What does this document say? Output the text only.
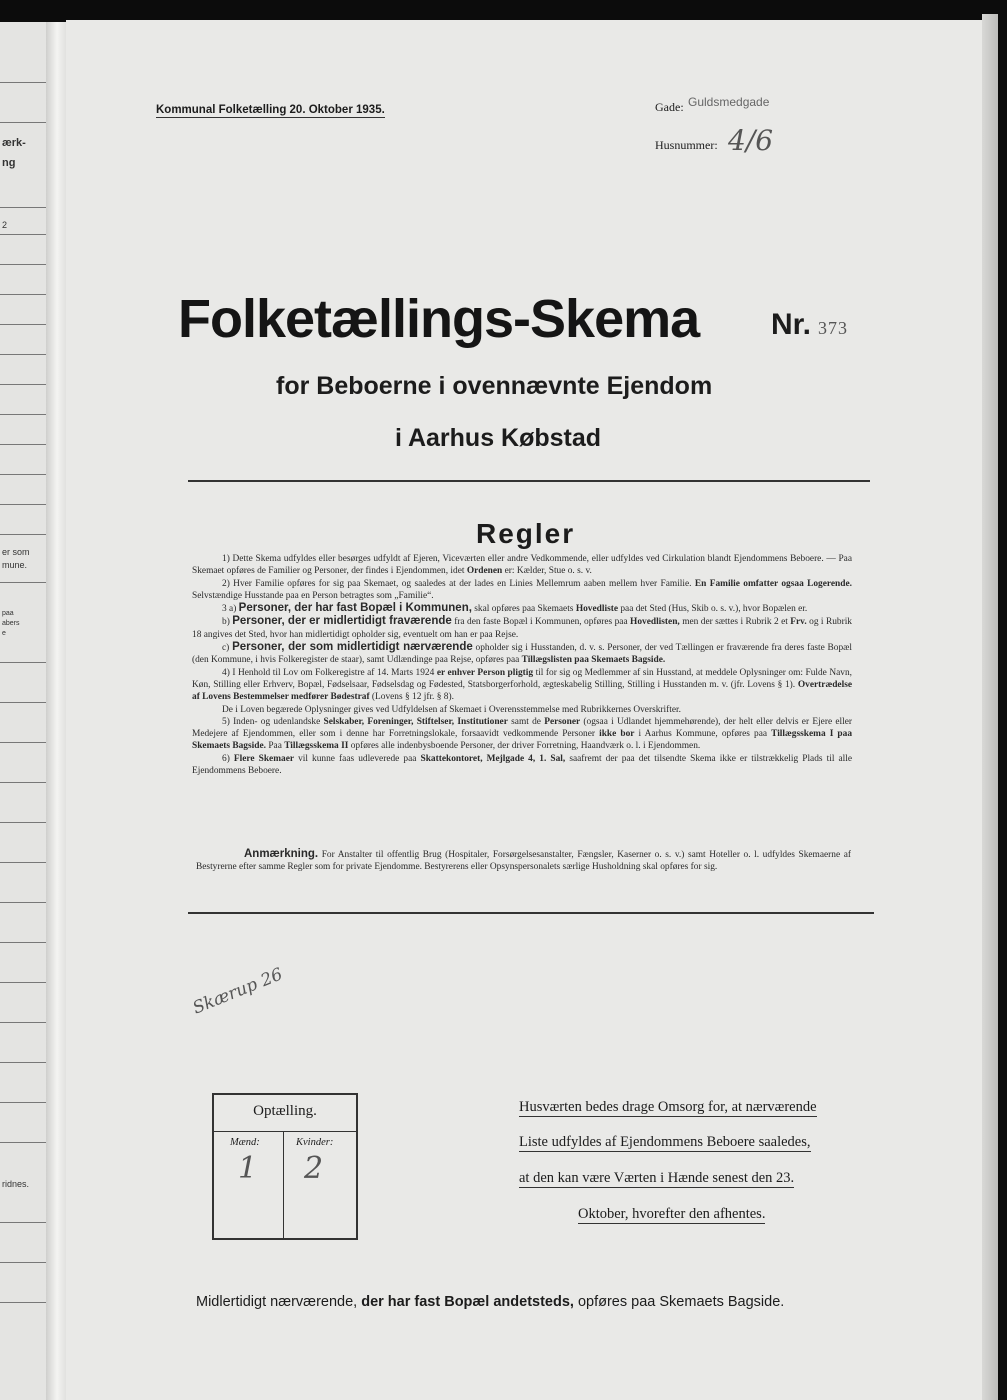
ærk-
ng
2
er som
mune.
paa
abers
e
ridnes.
Kommunal Folketælling 20. Oktober 1935.	Gade: Guldsmedgade
Husnummer: 4/6
Folketællings-Skema Nr. 373
for Beboerne i ovennævnte Ejendom
i Aarhus Købstad
Regler

1) Dette Skema udfyldes eller besørges udfyldt af Ejeren, Viceværten eller andre Vedkommende, eller udfyldes ved Cirkulation blandt Ejendommens Beboere. — Paa Skemaet opføres de Familier og Personer, der findes i Ejendommen, idet Ordenen er: Kælder, Stue o. s. v.

2) Hver Familie opføres for sig paa Skemaet, og saaledes at der lades en Linies Mellemrum aaben mellem hver Familie. En Familie omfatter ogsaa Logerende. Selvstændige Husstande paa en Person betragtes som „Familie“.

3 a) Personer, der har fast Bopæl i Kommunen, skal opføres paa Skemaets Hovedliste paa det Sted (Hus, Skib o. s. v.), hvor Bopælen er.

b) Personer, der er midlertidigt fraværende fra den faste Bopæl i Kommunen, opføres paa Hovedlisten, men der sættes i Rubrik 2 et Frv. og i Rubrik 18 angives det Sted, hvor han midlertidigt opholder sig, eventuelt om han er paa Rejse.

c) Personer, der som midlertidigt nærværende opholder sig i Husstanden, d. v. s. Personer, der ved Tællingen er fraværende fra deres faste Bopæl (den Kommune, i hvis Folkeregister de staar), samt Udlændinge paa Rejse, opføres paa Tillægslisten paa Skemaets Bagside.

4) I Henhold til Lov om Folkeregistre af 14. Marts 1924 er enhver Person pligtig til for sig og Medlemmer af sin Husstand, at meddele Oplysninger om: Fulde Navn, Køn, Stilling eller Erhverv, Bopæl, Fødselsaar, Fødselsdag og Fødested, Statsborgerforhold, ægteskabelig Stilling, Stilling i Husstanden m. v. (jfr. Lovens § 1). Overtrædelse af Lovens Bestemmelser medfører Bødestraf (Lovens § 12 jfr. § 8).

De i Loven begærede Oplysninger gives ved Udfyldelsen af Skemaet i Overensstemmelse med Rubrikkernes Overskrifter.

5) Inden- og udenlandske Selskaber, Foreninger, Stiftelser, Institutioner samt de Personer (ogsaa i Udlandet hjemmehørende), der helt eller delvis er Ejere eller Medejere af Ejendommen, eller som i denne har Forretningslokale, forsaavidt vedkommende Personer ikke bor i Aarhus Kommune, opføres paa Tillægsskema I paa Skemaets Bagside. Paa Tillægsskema II opføres alle indenbysboende Personer, der driver Forretning, Haandværk o. l. i Ejendommen.

6) Flere Skemaer vil kunne faas udleverede paa Skattekontoret, Mejlgade 4, 1. Sal, saafremt der paa det tilsendte Skema ikke er tilstrækkelig Plads til alle Ejendommens Beboere.

Anmærkning. For Anstalter til offentlig Brug (Hospitaler, Forsørgelsesanstalter, Fængsler, Kaserner o. s. v.) samt Hoteller o. l. udfyldes Skemaerne af Bestyrerne efter samme Regler som for private Ejendomme. Bestyrerens eller Opsynspersonalets særlige Husholdning skal opføres for sig.
Skærup 26
Optælling.
Mænd:	Kvinder:
1 2
Husværten bedes drage Omsorg for, at nærværende
Liste udfyldes af Ejendommens Beboere saaledes,
at den kan være Værten i Hænde senest den 23.
Oktober, hvorefter den afhentes.
Midlertidigt nærværende, der har fast Bopæl andetsteds, opføres paa Skemaets Bagside.
